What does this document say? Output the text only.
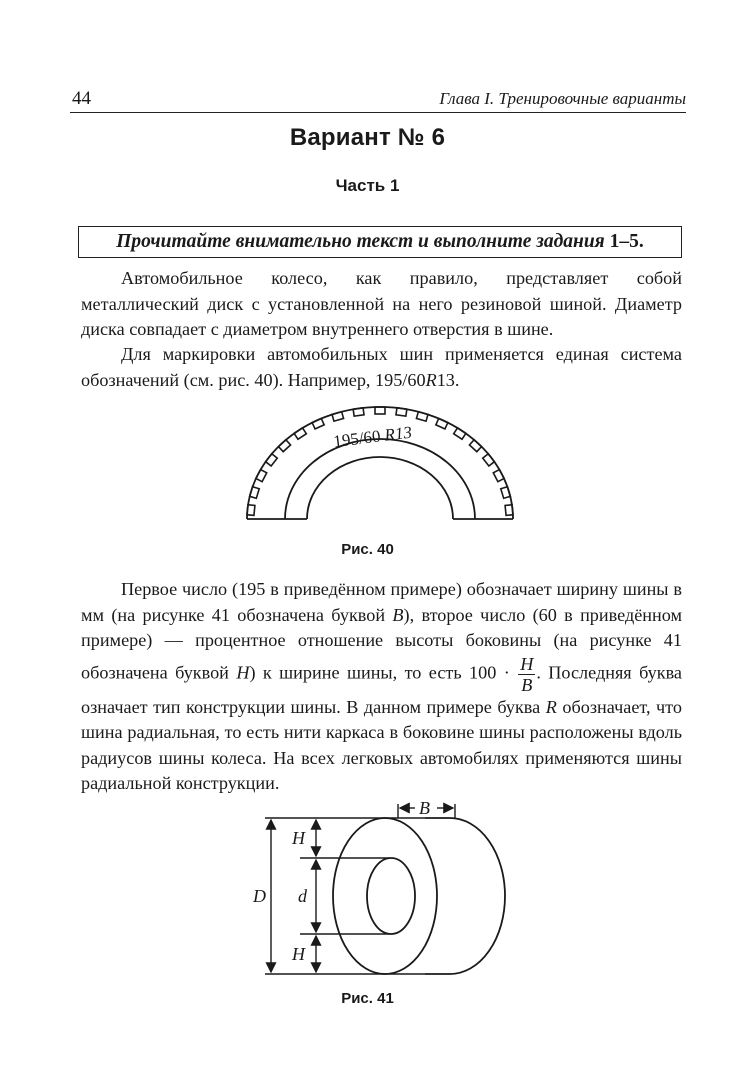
44	Глава I. Тренировочные варианты
Вариант № 6
Часть 1
Прочитайте внимательно текст и выполните задания 1–5.
Автомобильное колесо, как правило, представляет собой металлический диск с установленной на него резиновой шиной. Диаметр диска совпадает с диаметром внутреннего отверстия в шине.
Для маркировки автомобильных шин применяется единая система обозначений (см. рис. 40). Например, 195/60R13.
195/60 R13
Рис. 40
Первое число (195 в приведённом примере) обозначает ширину шины в мм (на рисунке 41 обозначена буквой B), второе число (60 в приведённом примере) — процентное отношение высоты боковины (на рисунке 41 обозначена буквой H) к ширине шины, то есть $100 \cdot \frac{H}{B}$ . Последняя буква означает тип конструкции шины. В данном примере буква R обозначает, что шина радиальная, то есть нити каркаса в боковине шины расположены вдоль радиусов шины колеса. На всех легковых автомобилях применяются шины радиальной конструкции.
B
H
d
D
H
Рис. 41
